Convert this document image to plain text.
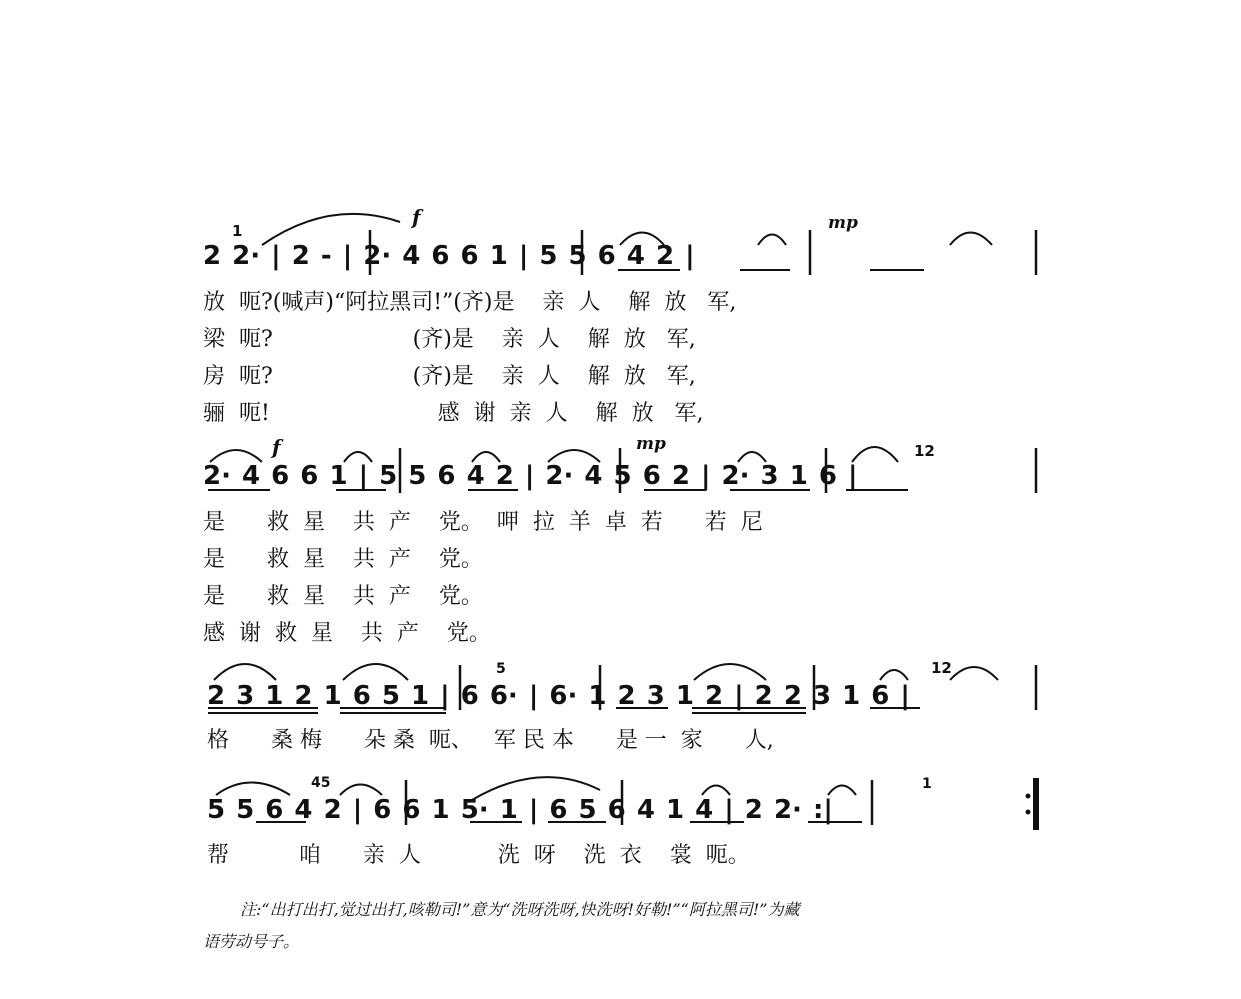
2 2· | 2 - | 2· 4 6 6 1 | 5 5 6 4 2 |
f	mp
1
放  呃?(喊声)“阿拉黑司!”(齐)是    亲  人    解  放   军,
梁  呃?                    (齐)是    亲  人    解  放   军,
房  呃?                    (齐)是    亲  人    解  放   军,
骊  呃!                        感  谢  亲  人    解  放   军,
2· 4 6 6 1 | 5 5 6 4 2 | 2· 4 5 6 2 | 2· 3 1 6 |
f	mp	12
是      救  星    共  产    党。  呷  拉  羊  卓  若      若  尼
是      救  星    共  产    党。
是      救  星    共  产    党。
感  谢  救  星    共  产    党。
2 3 1 2 1 6 5 1 | 6 6· | 6· 1 2 3 1 2 | 2 2 3 1 6 |
5	12
格      桑 梅      朵 桑  呃、   军 民 本      是 一  家      人,
5 5 6 4 2 | 6 6 1 5· 1 | 6 5 6 4 1 4 | 2 2· :|
45	1
帮          咱      亲  人           洗  呀    洗  衣    裳  呃。
注:“出打出打,觉过出打,咳勒司!”意为“洗呀洗呀,快洗呀!好勒!”“阿拉黑司!”为藏
语劳动号子。
